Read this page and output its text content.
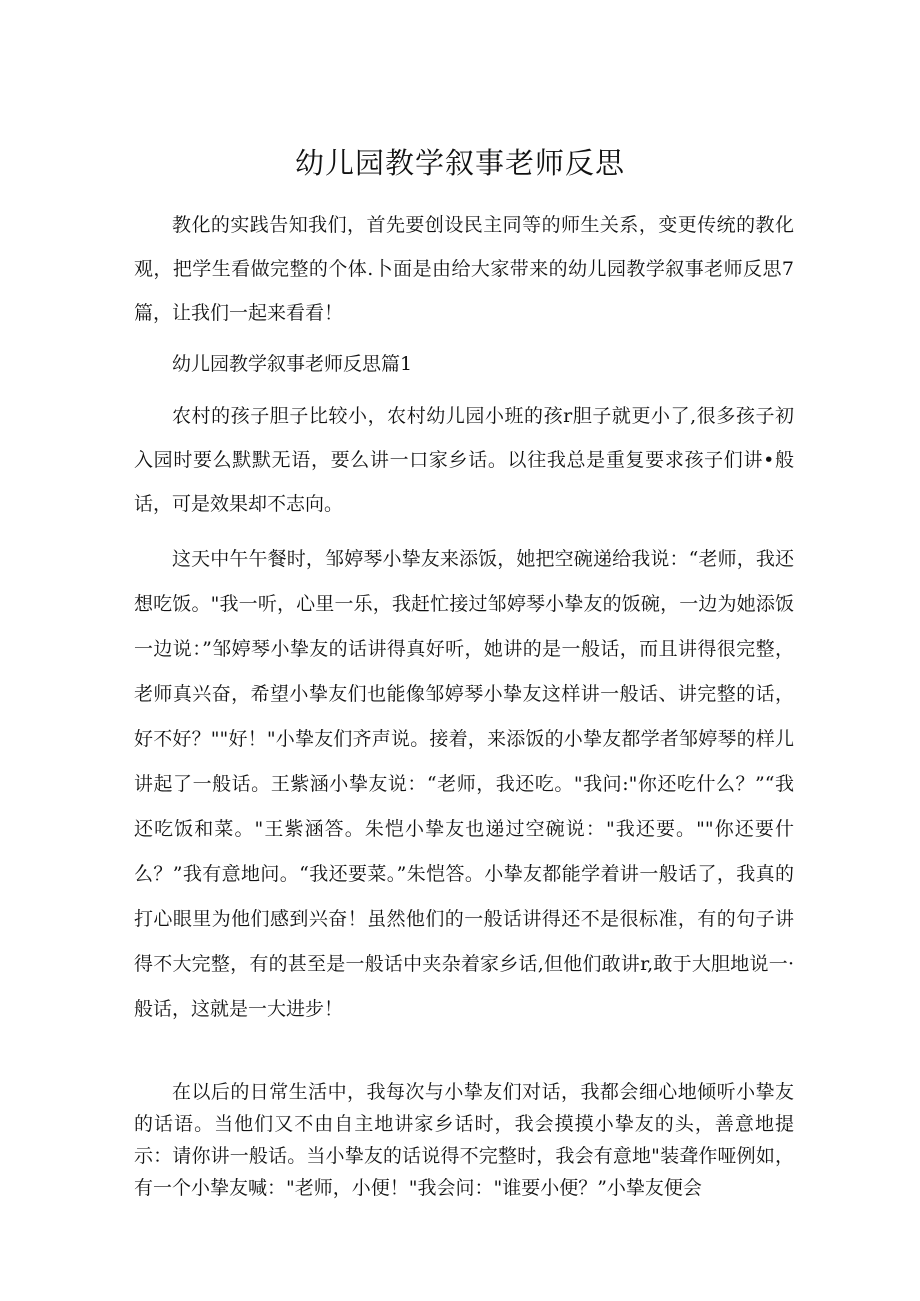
幼儿园教学叙事老师反思

教化的实践告知我们，首先要创设民主同等的师生关系，变更传统的教化观，把学生看做完整的个体.卜面是由给大家带来的幼儿园教学叙事老师反思7篇，让我们一起来看看！

幼儿园教学叙事老师反思篇1

农村的孩子胆子比较小，农村幼儿园小班的孩r胆子就更小了,很多孩子初入园时要么默默无语，要么讲一口家乡话。以往我总是重复要求孩子们讲•般话，可是效果却不志向。

这天中午午餐时，邹婷琴小挚友来添饭，她把空碗递给我说：“老师，我还想吃饭。"我一听，心里一乐，我赶忙接过邹婷琴小挚友的饭碗，一边为她添饭一边说：”邹婷琴小挚友的话讲得真好听，她讲的是一般话，而且讲得很完整，老师真兴奋，希望小挚友们也能像邹婷琴小挚友这样讲一般话、讲完整的话，好不好？""好！"小挚友们齐声说。接着，来添饭的小挚友都学者邹婷琴的样儿讲起了一般话。王紫涵小挚友说：“老师，我还吃。"我问:"你还吃什么？”“我还吃饭和菜。"王紫涵答。朱恺小挚友也递过空碗说："我还要。""你还要什么？”我有意地问。“我还要菜。”朱恺答。小挚友都能学着讲一般话了，我真的打心眼里为他们感到兴奋！虽然他们的一般话讲得还不是很标准，有的句子讲得不大完整，有的甚至是一般话中夹杂着家乡话,但他们敢讲r,敢于大胆地说一·般话，这就是一大进步！

在以后的日常生活中，我每次与小挚友们对话，我都会细心地倾听小挚友的话语。当他们又不由自主地讲家乡话时，我会摸摸小挚友的头，善意地提示：请你讲一般话。当小挚友的话说得不完整时，我会有意地"装聋作哑例如，有一个小挚友喊："老师，小便！"我会问："谁要小便？”小挚友便会
